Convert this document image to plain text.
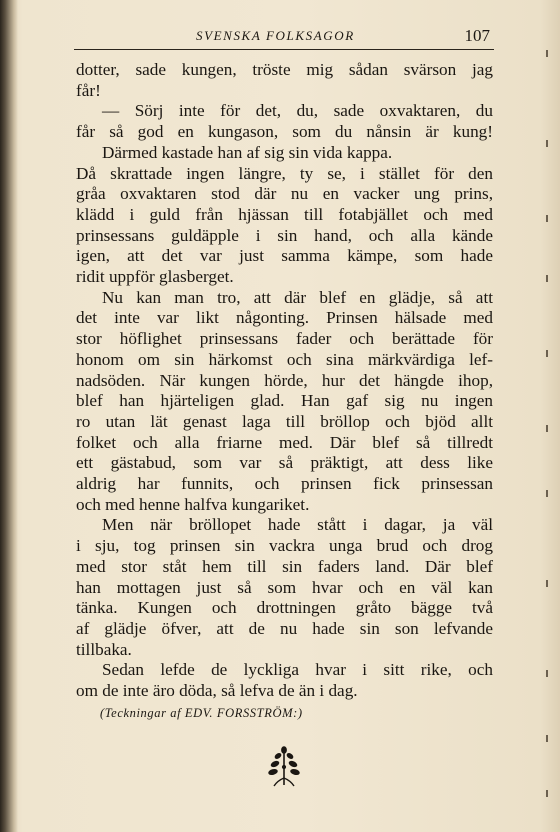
SVENSKA FOLKSAGOR	107
dotter, sade kungen, tröste mig sådan svärson jag
får!
— Sörj inte för det, du, sade oxvaktaren, du
får så god en kungason, som du nånsin är kung!
Därmed kastade han af sig sin vida kappa.
Då skrattade ingen längre, ty se, i stället för den
gråa oxvaktaren stod där nu en vacker ung prins,
klädd i guld från hjässan till fotabjället och med
prinsessans guldäpple i sin hand, och alla kände
igen, att det var just samma kämpe, som hade
ridit uppför glasberget.
Nu kan man tro, att där blef en glädje, så att
det inte var likt någonting. Prinsen hälsade med
stor höflighet prinsessans fader och berättade för
honom om sin härkomst och sina märkvärdiga lef-
nadsöden. När kungen hörde, hur det hängde ihop,
blef han hjärteligen glad. Han gaf sig nu ingen
ro utan lät genast laga till bröllop och bjöd allt
folket och alla friarne med. Där blef så tillredt
ett gästabud, som var så präktigt, att dess like
aldrig har funnits, och prinsen fick prinsessan
och med henne halfva kungariket.
Men när bröllopet hade stått i dagar, ja väl
i sju, tog prinsen sin vackra unga brud och drog
med stor ståt hem till sin faders land. Där blef
han mottagen just så som hvar och en väl kan
tänka. Kungen och drottningen gråto bägge två
af glädje öfver, att de nu hade sin son lefvande
tillbaka.
Sedan lefde de lyckliga hvar i sitt rike, och
om de inte äro döda, så lefva de än i dag.
(Teckningar af EDV. FORSSTRÖM:)
